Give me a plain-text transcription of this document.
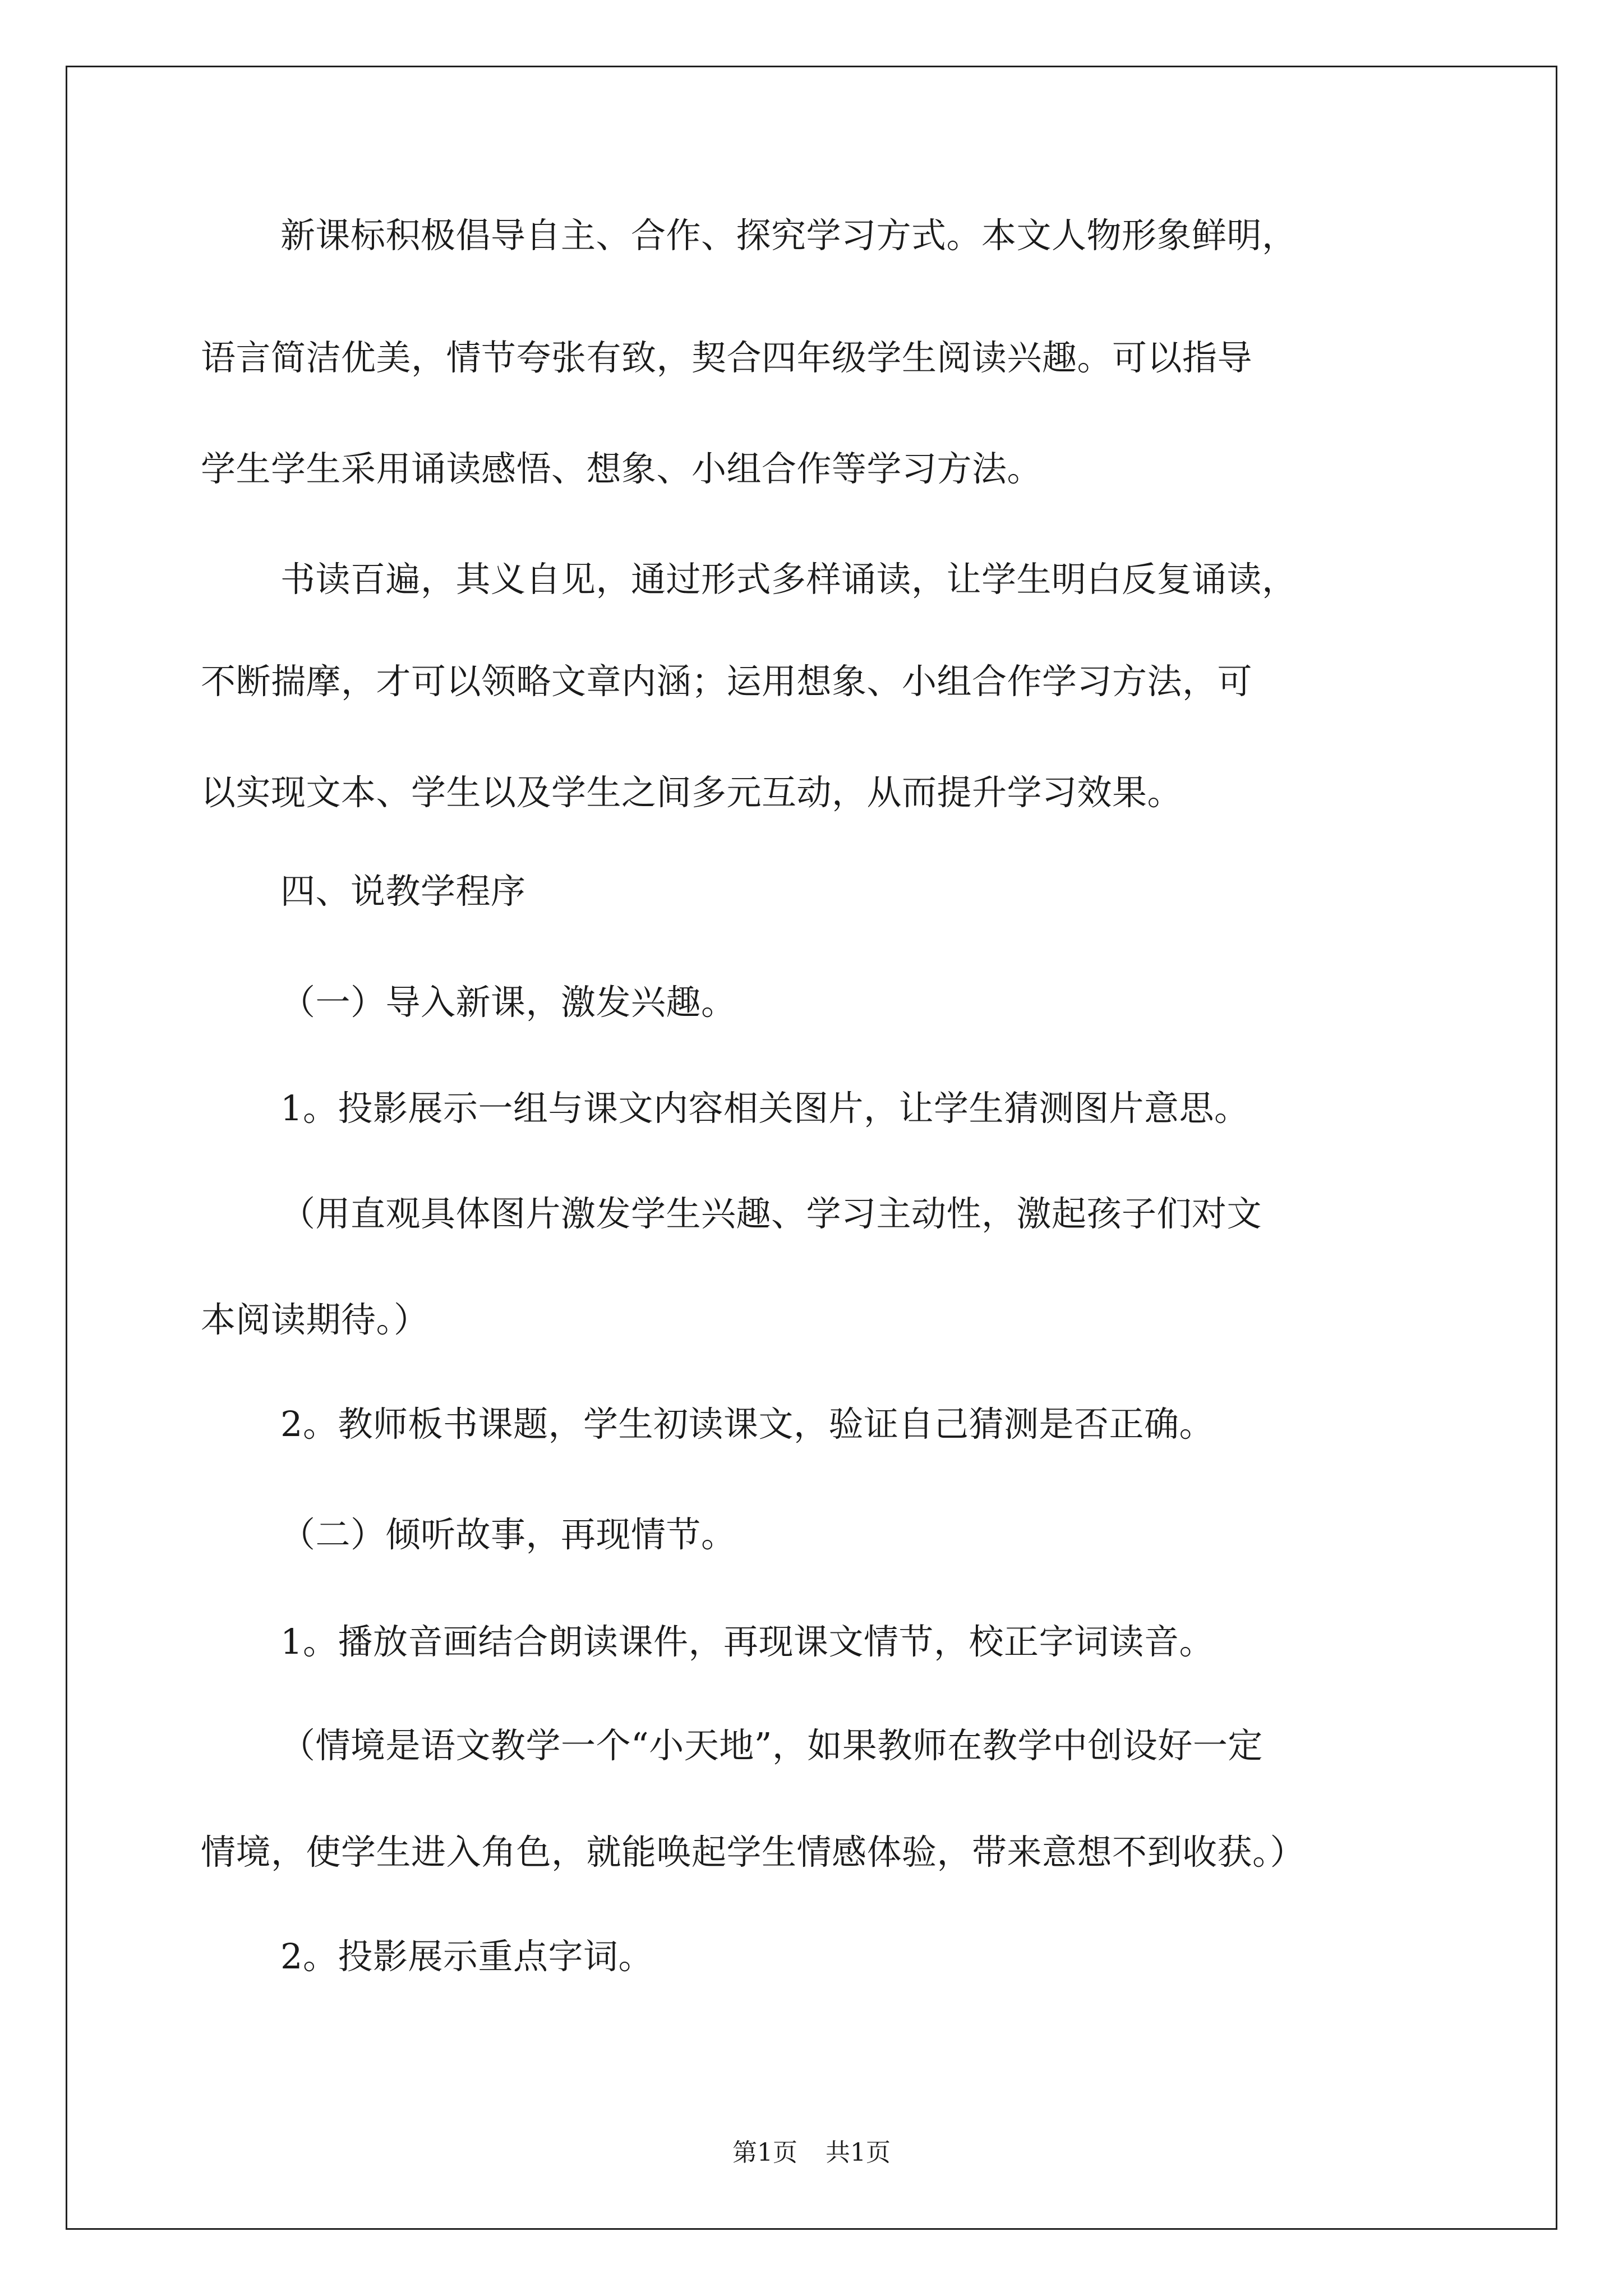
新课标积极倡导自主、合作、探究学习方式。本文人物形象鲜明，
语言简洁优美，情节夸张有致，契合四年级学生阅读兴趣。可以指导
学生学生采用诵读感悟、想象、小组合作等学习方法。
书读百遍，其义自见，通过形式多样诵读，让学生明白反复诵读，
不断揣摩，才可以领略文章内涵；运用想象、小组合作学习方法，可
以实现文本、学生以及学生之间多元互动，从而提升学习效果。
四、说教学程序
（一）导入新课，激发兴趣。
1。投影展示一组与课文内容相关图片，让学生猜测图片意思。
（用直观具体图片激发学生兴趣、学习主动性，激起孩子们对文
本阅读期待。）
2。教师板书课题，学生初读课文，验证自己猜测是否正确。
（二）倾听故事，再现情节。
1。播放音画结合朗读课件，再现课文情节，校正字词读音。
（情境是语文教学一个“小天地”，如果教师在教学中创设好一定
情境，使学生进入角色，就能唤起学生情感体验，带来意想不到收获。）
2。投影展示重点字词。
第1页 共1页
